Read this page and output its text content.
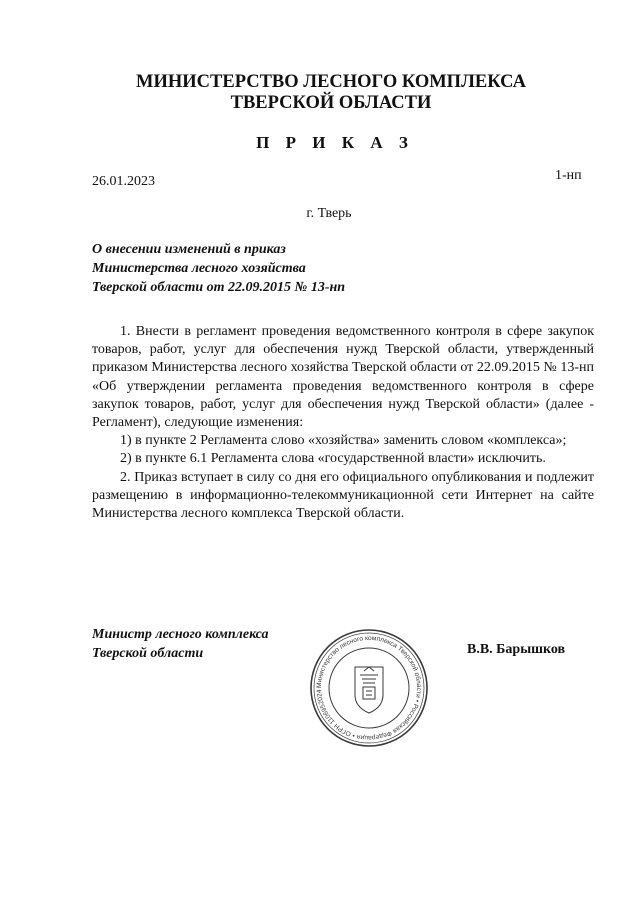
МИНИСТЕРСТВО ЛЕСНОГО КОМПЛЕКСА
ТВЕРСКОЙ ОБЛАСТИ
П Р И К А З
26.01.2023	1-нп
г. Тверь
О внесении изменений в приказ
Министерства лесного хозяйства
Тверской области от 22.09.2015 № 13-нп

1. Внести в регламент проведения ведомственного контроля в сфере закупок товаров, работ, услуг для обеспечения нужд Тверской области, утвержденный приказом Министерства лесного хозяйства Тверской области от 22.09.2015 № 13-нп «Об утверждении регламента проведения ведомственного контроля в сфере закупок товаров, работ, услуг для обеспечения нужд Тверской области» (далее - Регламент), следующие изменения:

1) в пункте 2 Регламента слово «хозяйства» заменить словом «комплекса»;

2) в пункте 6.1 Регламента слова «государственной власти» исключить.

2. Приказ вступает в силу со дня его официального опубликования и подлежит размещению в информационно-телекоммуникационной сети Интернет на сайте Министерства лесного комплекса Тверской области.

Министр лесного комплекса
Тверской области	В.В. Барышков
Министерство лесного комплекса Тверской области • Российская Федерация • ОГРН 1106952024
